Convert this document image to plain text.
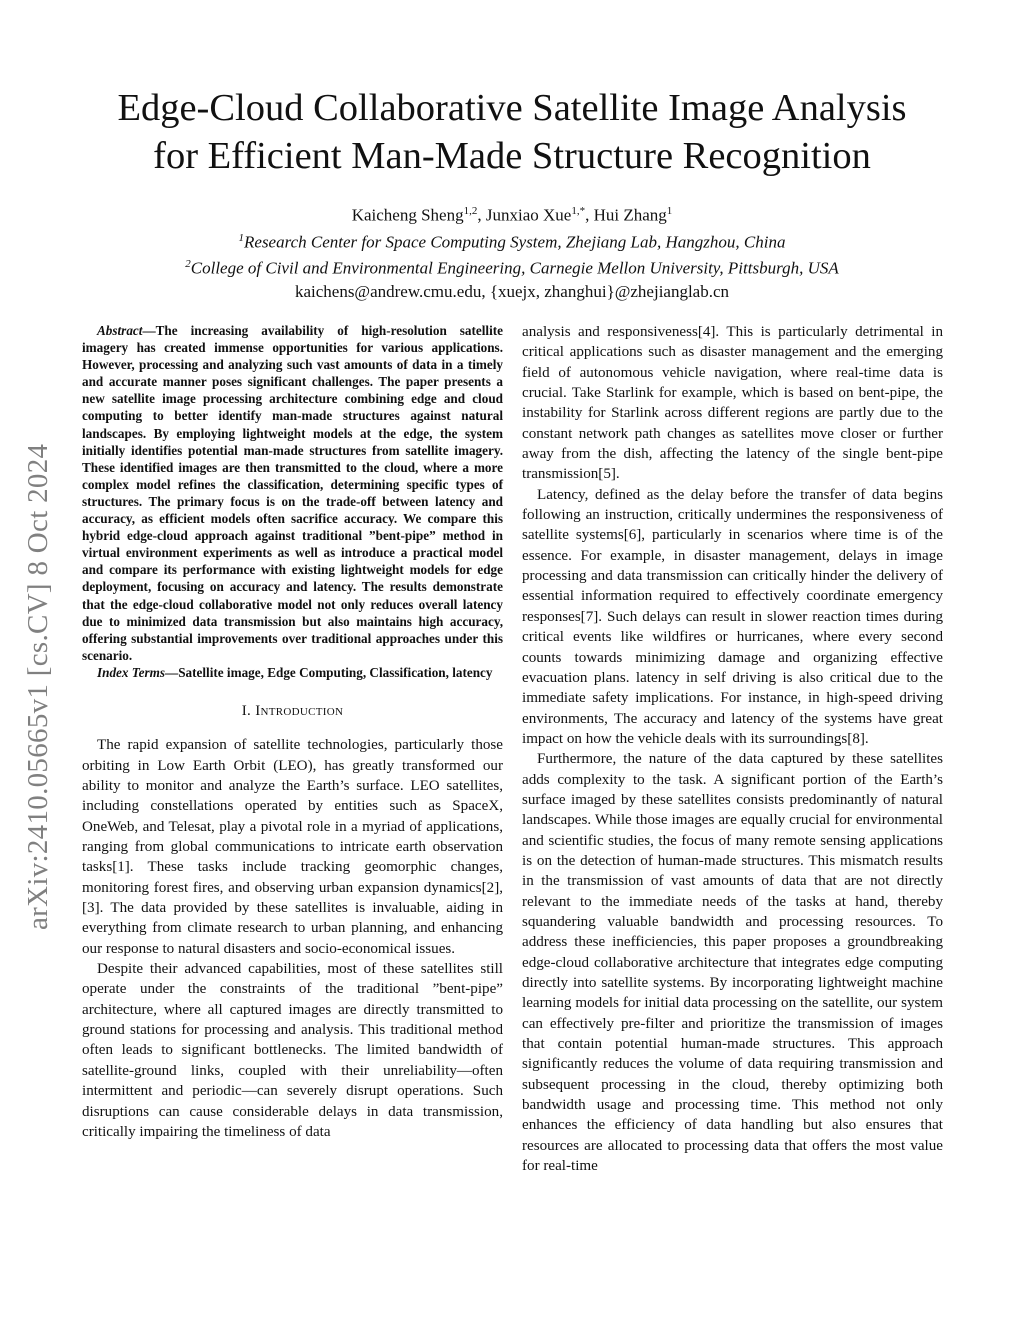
arXiv:2410.05665v1 [cs.CV] 8 Oct 2024
Edge-Cloud Collaborative Satellite Image Analysis
for Efficient Man-Made Structure Recognition
Kaicheng Sheng$^{1,2}$, Junxiao Xue$^{1,*}$, Hui Zhang$^1$
$^1$Research Center for Space Computing System, Zhejiang Lab, Hangzhou, China
$^2$College of Civil and Environmental Engineering, Carnegie Mellon University, Pittsburgh, USA
kaichens@andrew.cmu.edu, {xuejx, zhanghui}@zhejianglab.cn

Abstract—The increasing availability of high-resolution satellite imagery has created immense opportunities for various applications. However, processing and analyzing such vast amounts of data in a timely and accurate manner poses significant challenges. The paper presents a new satellite image processing architecture combining edge and cloud computing to better identify man-made structures against natural landscapes. By employing lightweight models at the edge, the system initially identifies potential man-made structures from satellite imagery. These identified images are then transmitted to the cloud, where a more complex model refines the classification, determining specific types of structures. The primary focus is on the trade-off between latency and accuracy, as efficient models often sacrifice accuracy. We compare this hybrid edge-cloud approach against traditional ”bent-pipe” method in virtual environment experiments as well as introduce a practical model and compare its performance with existing lightweight models for edge deployment, focusing on accuracy and latency. The results demonstrate that the edge-cloud collaborative model not only reduces overall latency due to minimized data transmission but also maintains high accuracy, offering substantial improvements over traditional approaches under this scenario.

Index Terms—Satellite image, Edge Computing, Classification, latency

I. Introduction

The rapid expansion of satellite technologies, particularly those orbiting in Low Earth Orbit (LEO), has greatly transformed our ability to monitor and analyze the Earth’s surface. LEO satellites, including constellations operated by entities such as SpaceX, OneWeb, and Telesat, play a pivotal role in a myriad of applications, ranging from global communications to intricate earth observation tasks[1]. These tasks include tracking geomorphic changes, monitoring forest fires, and observing urban expansion dynamics[2], [3]. The data provided by these satellites is invaluable, aiding in everything from climate research to urban planning, and enhancing our response to natural disasters and socio-economical issues.

Despite their advanced capabilities, most of these satellites still operate under the constraints of the traditional ”bent-pipe” architecture, where all captured images are directly transmitted to ground stations for processing and analysis. This traditional method often leads to significant bottlenecks. The limited bandwidth of satellite-ground links, coupled with their unreliability—often intermittent and periodic—can severely disrupt operations. Such disruptions can cause considerable delays in data transmission, critically impairing the timeliness of data

analysis and responsiveness[4]. This is particularly detrimental in critical applications such as disaster management and the emerging field of autonomous vehicle navigation, where real-time data is crucial. Take Starlink for example, which is based on bent-pipe, the instability for Starlink across different regions are partly due to the constant network path changes as satellites move closer or further away from the dish, affecting the latency of the single bent-pipe transmission[5].

Latency, defined as the delay before the transfer of data begins following an instruction, critically undermines the responsiveness of satellite systems[6], particularly in scenarios where time is of the essence. For example, in disaster management, delays in image processing and data transmission can critically hinder the delivery of essential information required to effectively coordinate emergency responses[7]. Such delays can result in slower reaction times during critical events like wildfires or hurricanes, where every second counts towards minimizing damage and organizing effective evacuation plans. latency in self driving is also critical due to the immediate safety implications. For instance, in high-speed driving environments, The accuracy and latency of the systems have great impact on how the vehicle deals with its surroundings[8].

Furthermore, the nature of the data captured by these satellites adds complexity to the task. A significant portion of the Earth’s surface imaged by these satellites consists predominantly of natural landscapes. While those images are equally crucial for environmental and scientific studies, the focus of many remote sensing applications is on the detection of human-made structures. This mismatch results in the transmission of vast amounts of data that are not directly relevant to the immediate needs of the tasks at hand, thereby squandering valuable bandwidth and processing resources. To address these inefficiencies, this paper proposes a groundbreaking edge-cloud collaborative architecture that integrates edge computing directly into satellite systems. By incorporating lightweight machine learning models for initial data processing on the satellite, our system can effectively pre-filter and prioritize the transmission of images that contain potential human-made structures. This approach significantly reduces the volume of data requiring transmission and subsequent processing in the cloud, thereby optimizing both bandwidth usage and processing time. This method not only enhances the efficiency of data handling but also ensures that resources are allocated to processing data that offers the most value for real-time
